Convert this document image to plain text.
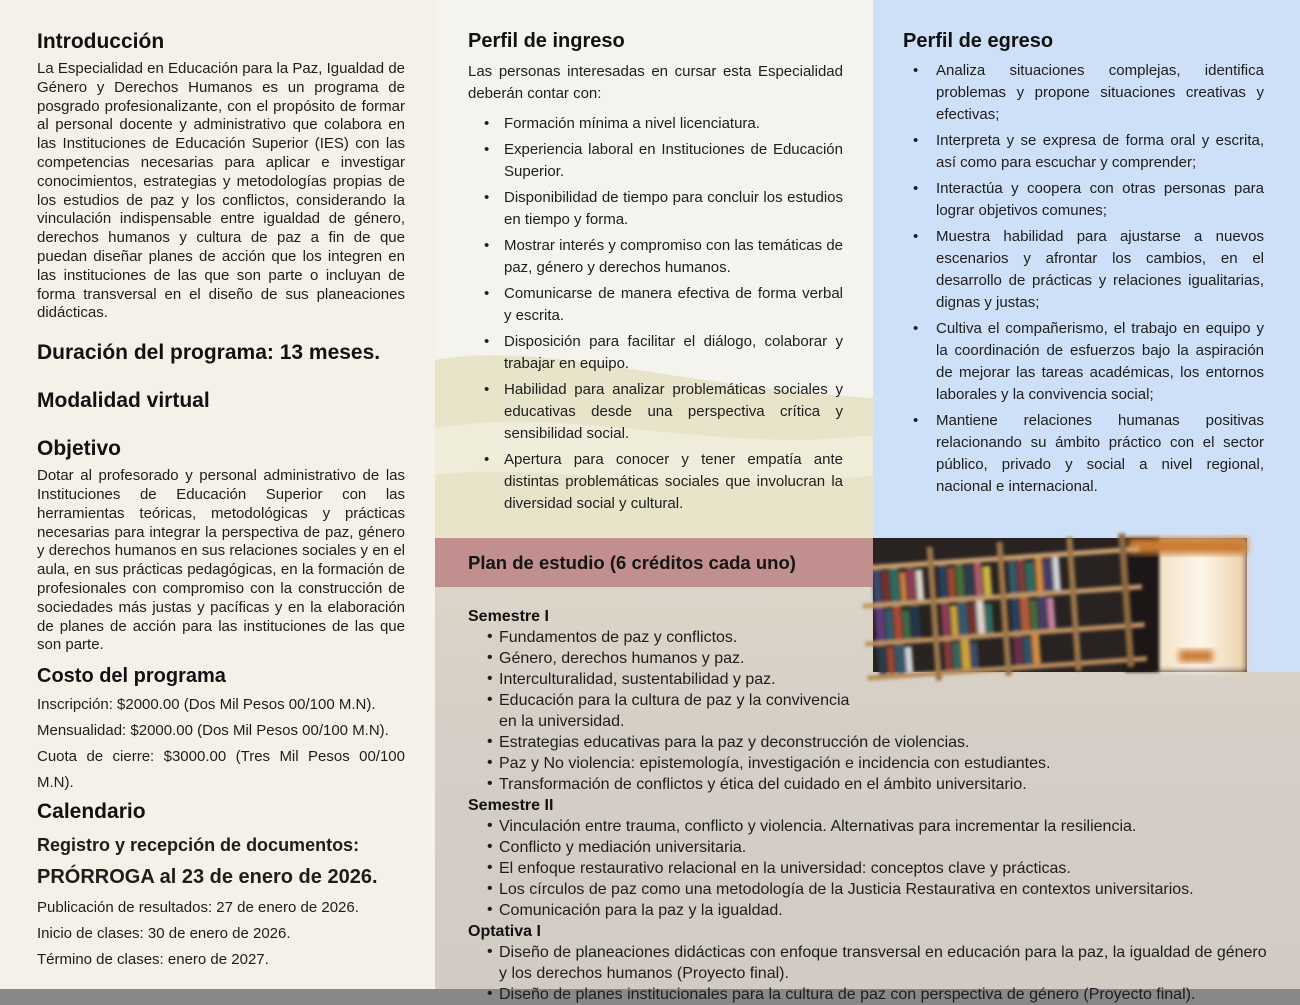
Introducción
La Especialidad en Educación para la Paz, Igualdad de Género y Derechos Humanos es un programa de posgrado profesionalizante, con el propósito de formar al personal docente y administrativo que colabora en las Instituciones de Educación Superior (IES) con las competencias necesarias para aplicar e investigar conocimientos, estrategias y metodologías propias de los estudios de paz y los conflictos, considerando la vinculación indispensable entre igualdad de género, derechos humanos y cultura de paz a fin de que puedan diseñar planes de acción que los integren en las instituciones de las que son parte o incluyan de forma transversal en el diseño de sus planeaciones didácticas.
Duración del programa: 13 meses.
Modalidad virtual
Objetivo
Dotar al profesorado y personal administrativo de las Instituciones de Educación Superior con las herramientas teóricas, metodológicas y prácticas necesarias para integrar la perspectiva de paz, género y derechos humanos en sus relaciones sociales y en el aula, en sus prácticas pedagógicas, en la formación de profesionales con compromiso con la construcción de sociedades más justas y pacíficas y en la elaboración de planes de acción para las instituciones de las que son parte.
Costo del programa
Inscripción: $2000.00 (Dos Mil Pesos 00/100 M.N).
Mensualidad: $2000.00 (Dos Mil Pesos 00/100 M.N).
Cuota de cierre: $3000.00 (Tres Mil Pesos 00/100 M.N).
Calendario
Registro y recepción de documentos:
PRÓRROGA al 23 de enero de 2026.
Publicación de resultados: 27 de enero de 2026.
Inicio de clases: 30 de enero de 2026.
Término de clases: enero de 2027.
Perfil de ingreso
Las personas interesadas en cursar esta Especialidad deberán contar con:
• Formación mínima a nivel licenciatura.
• Experiencia laboral en Instituciones de Educación Superior.
• Disponibilidad de tiempo para concluir los estudios en tiempo y forma.
• Mostrar interés y compromiso con las temáticas de paz, género y derechos humanos.
• Comunicarse de manera efectiva de forma verbal y escrita.
• Disposición para facilitar el diálogo, colaborar y trabajar en equipo.
• Habilidad para analizar problemáticas sociales y educativas desde una perspectiva crítica y sensibilidad social.
• Apertura para conocer y tener empatía ante distintas problemáticas sociales que involucran la diversidad social y cultural.
Perfil de egreso
• Analiza situaciones complejas, identifica problemas y propone situaciones creativas y efectivas;
• Interpreta y se expresa de forma oral y escrita, así como para escuchar y comprender;
• Interactúa y coopera con otras personas para lograr objetivos comunes;
• Muestra habilidad para ajustarse a nuevos escenarios y afrontar los cambios, en el desarrollo de prácticas y relaciones igualitarias, dignas y justas;
• Cultiva el compañerismo, el trabajo en equipo y la coordinación de esfuerzos bajo la aspiración de mejorar las tareas académicas, los entornos laborales y la convivencia social;
• Mantiene relaciones humanas positivas relacionando su ámbito práctico con el sector público, privado y social a nivel regional, nacional e internacional.
Plan de estudio (6 créditos cada uno)
Semestre I
• Fundamentos de paz y conflictos.
• Género, derechos humanos y paz.
• Interculturalidad, sustentabilidad y paz.
• Educación para la cultura de paz y la convivencia en la universidad.
• Estrategias educativas para la paz y deconstrucción de violencias.
• Paz y No violencia: epistemología, investigación e incidencia con estudiantes.
• Transformación de conflictos y ética del cuidado en el ámbito universitario.
Semestre II
• Vinculación entre trauma, conflicto y violencia. Alternativas para incrementar la resiliencia.
• Conflicto y mediación universitaria.
• El enfoque restaurativo relacional en la universidad: conceptos clave y prácticas.
• Los círculos de paz como una metodología de la Justicia Restaurativa en contextos universitarios.
• Comunicación para la paz y la igualdad.
Optativa I
• Diseño de planeaciones didácticas con enfoque transversal en educación para la paz, la igualdad de género y los derechos humanos (Proyecto final).
• Diseño de planes institucionales para la cultura de paz con perspectiva de género (Proyecto final).
